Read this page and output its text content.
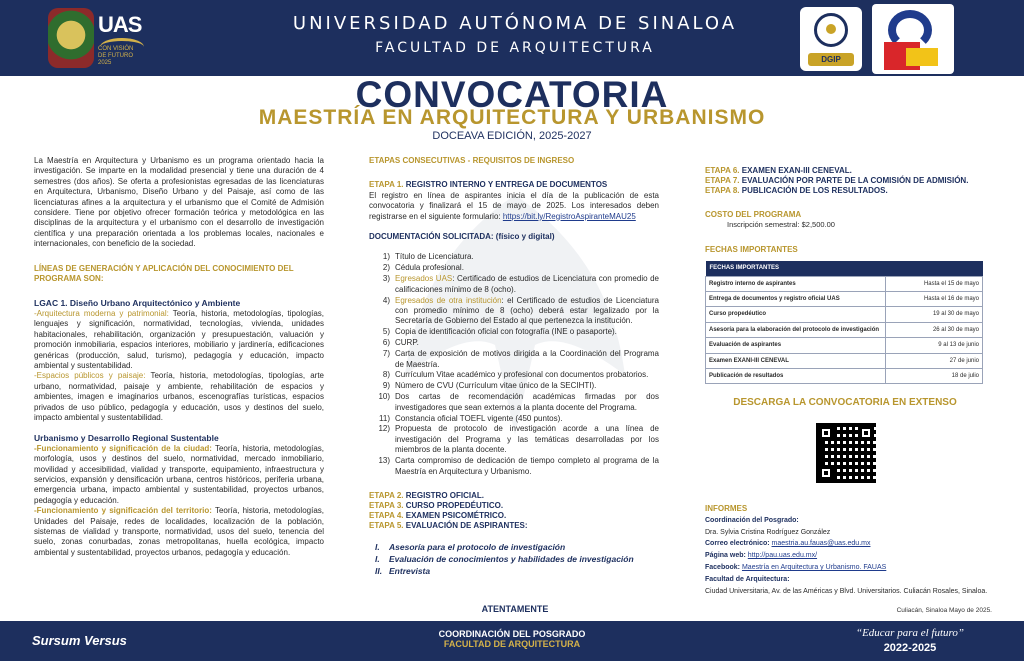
UAS
CON VISIÓN DE FUTURO 2025
UNIVERSIDAD AUTÓNOMA DE SINALOA
FACULTAD DE ARQUITECTURA
DGIP
CONVOCATORIA
MAESTRÍA EN ARQUITECTURA Y URBANISMO
DOCEAVA EDICIÓN, 2025-2027

La Maestría en Arquitectura y Urbanismo es un programa orientado hacia la investigación. Se imparte en la modalidad presencial y tiene una duración de 4 semestres (dos años). Se oferta a profesionistas egresadas de las licenciaturas en Arquitectura, Urbanismo, Diseño Urbano y del Paisaje, así como de las licenciaturas afines a la arquitectura y el urbanismo que el Comité de Admisión considere. Tiene por objetivo ofrecer formación teórica y metodológica en las disciplinas de la arquitectura y el urbanismo con el desarrollo de investigación científica y una preparación orientada a los problemas locales, nacionales e internacionales, con beneficio de la sociedad.

LÍNEAS DE GENERACIÓN Y APLICACIÓN DEL CONOCIMIENTO DEL PROGRAMA SON:

LGAC 1. Diseño Urbano Arquitectónico y Ambiente

-Arquitectura moderna y patrimonial: Teoría, historia, metodologías, tipologías, lenguajes y significación, normatividad, tecnologías, vivienda, unidades habitacionales, rehabilitación, organización y presupuestación, valuación y promoción inmobiliaria, espacios interiores, mobiliario y jardinería, edificaciones genéricas (producción, salud, turismo), pedagogía y educación, impacto ambiental y sustentabilidad.

-Espacios públicos y paisaje: Teoría, historia, metodologías, tipologías, arte urbano, normatividad, paisaje y ambiente, rehabilitación de espacios y ambientes, imagen e imaginarios urbanos, escenografías turísticas, espacios privados de uso público, pedagogía y educación, usos y destinos del suelo, impacto ambiental y sustentabilidad.

Urbanismo y Desarrollo Regional Sustentable

-Funcionamiento y significación de la ciudad: Teoría, historia, metodologías, morfología, usos y destinos del suelo, normatividad, mercado inmobiliario, movilidad y accesibilidad, vialidad y transporte, equipamiento, infraestructura y servicios, expansión y densificación urbana, centros históricos, periferia urbana, emergencia urbana, impacto ambiental y sustentabilidad, proyectos urbanos, pedagogía y educación.

-Funcionamiento y significación del territorio: Teoría, historia, metodologías, Unidades del Paisaje, redes de localidades, localización de la población, sistemas de vialidad y transporte, normatividad, usos del suelo, tenencia del suelo, zonas conurbadas, zonas metropolitanas, huella ecológica, impacto ambiental y sustentabilidad, proyectos urbanos, pedagogía y educación.

ETAPAS CONSECUTIVAS - REQUISITOS DE INGRESO

ETAPA 1. REGISTRO INTERNO Y ENTREGA DE DOCUMENTOS

El registro en línea de aspirantes inicia el día de la publicación de esta convocatoria y finalizará el 15 de mayo de 2025. Los interesados deben registrarse en el siguiente formulario: https://bit.ly/RegistroAspiranteMAU25

DOCUMENTACIÓN SOLICITADA: (físico y digital)

1) Título de Licenciatura.
2) Cédula profesional.
3) Egresados UAS: Certificado de estudios de Licenciatura con promedio de calificaciones mínimo de 8 (ocho).
4) Egresados de otra institución: el Certificado de estudios de Licenciatura con promedio mínimo de 8 (ocho) deberá estar legalizado por la Secretaría de Gobierno del Estado al que pertenezca la institución.
5) Copia de identificación oficial con fotografía (INE o pasaporte).
6) CURP.
7) Carta de exposición de motivos dirigida a la Coordinación del Programa de Maestría.
8) Currículum Vitae académico y profesional con documentos probatorios.
9) Número de CVU (Currículum vitae único de la SECIHTI).
10) Dos cartas de recomendación académicas firmadas por dos investigadores que sean externos a la planta docente del Programa.
11) Constancia oficial TOEFL vigente (450 puntos).
12) Propuesta de protocolo de investigación acorde a una línea de investigación del Programa y las temáticas desarrolladas por los miembros de la planta docente.
13) Carta compromiso de dedicación de tiempo completo al programa de la Maestría en Arquitectura y Urbanismo.

ETAPA 2. REGISTRO OFICIAL.

ETAPA 3. CURSO PROPEDÉUTICO.

ETAPA 4. EXAMEN PSICOMÉTRICO.

ETAPA 5. EVALUACIÓN DE ASPIRANTES:

I. Asesoría para el protocolo de investigación
I. Evaluación de conocimientos y habilidades de investigación
II. Entrevista

ETAPA 6. EXAMEN EXAN-III CENEVAL.

ETAPA 7. EVALUACIÓN POR PARTE DE LA COMISIÓN DE ADMISIÓN.

ETAPA 8. PUBLICACIÓN DE LOS RESULTADOS.

COSTO DEL PROGRAMA

Inscripción semestral: $2,500.00

FECHAS IMPORTANTES

FECHAS IMPORTANTES	
Registro interno de aspirantes	Hasta el 15 de mayo
Entrega de documentos y registro oficial UAS	Hasta el 16 de mayo
Curso propedéutico	19 al 30 de mayo
Asesoría para la elaboración del protocolo de investigación	26 al 30 de mayo
Evaluación de aspirantes	9 al 13 de junio
Examen EXANI-III CENEVAL	27 de junio
Publicación de resultados	18 de julio
DESCARGA LA CONVOCATORIA EN EXTENSO

INFORMES

Coordinación del Posgrado:

Dra. Sylvia Cristina Rodríguez González

Correo electrónico: maestria.au.fauas@uas.edu.mx

Página web: http://pau.uas.edu.mx/

Facebook: Maestría en Arquitectura y Urbanismo. FAUAS

Facultad de Arquitectura:

Ciudad Universitaria, Av. de las Américas y Blvd. Universitarios. Culiacán Rosales, Sinaloa.

Culiacán, Sinaloa Mayo de 2025.
ATENTAMENTE
Sursum Versus	COORDINACIÓN DEL POSGRADO
FACULTAD DE ARQUITECTURA
“Educar para el futuro”
2022-2025
